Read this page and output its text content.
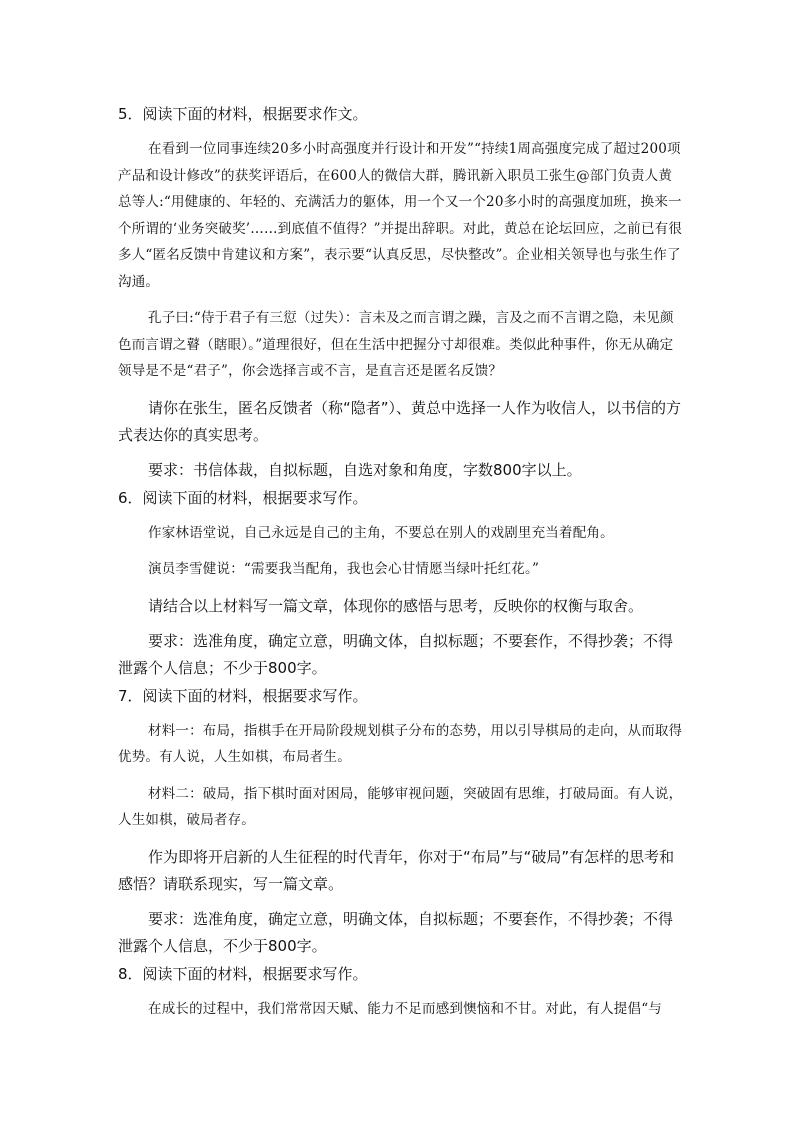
5．阅读下面的材料，根据要求作文。

在看到一位同事连续20多小时高强度并行设计和开发”“持续1周高强度完成了超过200项产品和设计修改”的获奖评语后，在600人的微信大群，腾讯新入职员工张生@部门负责人黄总等人:“用健康的、年轻的、充满活力的躯体，用一个又一个20多小时的高强度加班，换来一个所谓的‘业务突破奖’……到底值不值得？”并提出辞职。对此，黄总在论坛回应，之前已有很多人“匿名反馈中肯建议和方案”，表示要“认真反思，尽快整改”。企业相关领导也与张生作了沟通。

孔子曰:“侍于君子有三愆（过失）：言未及之而言谓之躁，言及之而不言谓之隐，未见颜色而言谓之瞽（瞎眼）。”道理很好，但在生活中把握分寸却很难。类似此种事件，你无从确定领导是不是“君子”，你会选择言或不言，是直言还是匿名反馈？

请你在张生，匿名反馈者（称“隐者”）、黄总中选择一人作为收信人，以书信的方式表达你的真实思考。

要求：书信体裁，自拟标题，自选对象和角度，字数800字以上。

6．阅读下面的材料，根据要求写作。

作家林语堂说，自己永远是自己的主角，不要总在别人的戏剧里充当着配角。

演员李雪健说：“需要我当配角，我也会心甘情愿当绿叶托红花。”

请结合以上材料写一篇文章，体现你的感悟与思考，反映你的权衡与取舍。

要求：选准角度，确定立意，明确文体，自拟标题；不要套作，不得抄袭；不得泄露个人信息；不少于800字。

7．阅读下面的材料，根据要求写作。

材料一：布局，指棋手在开局阶段规划棋子分布的态势，用以引导棋局的走向，从而取得优势。有人说，人生如棋，布局者生。

材料二：破局，指下棋时面对困局，能够审视问题，突破固有思维，打破局面。有人说，人生如棋，破局者存。

作为即将开启新的人生征程的时代青年，你对于“布局”与“破局”有怎样的思考和感悟？请联系现实，写一篇文章。

要求：选准角度，确定立意，明确文体，自拟标题；不要套作，不得抄袭；不得泄露个人信息，不少于800字。

8．阅读下面的材料，根据要求写作。

在成长的过程中，我们常常因天赋、能力不足而感到懊恼和不甘。对此，有人提倡“与
